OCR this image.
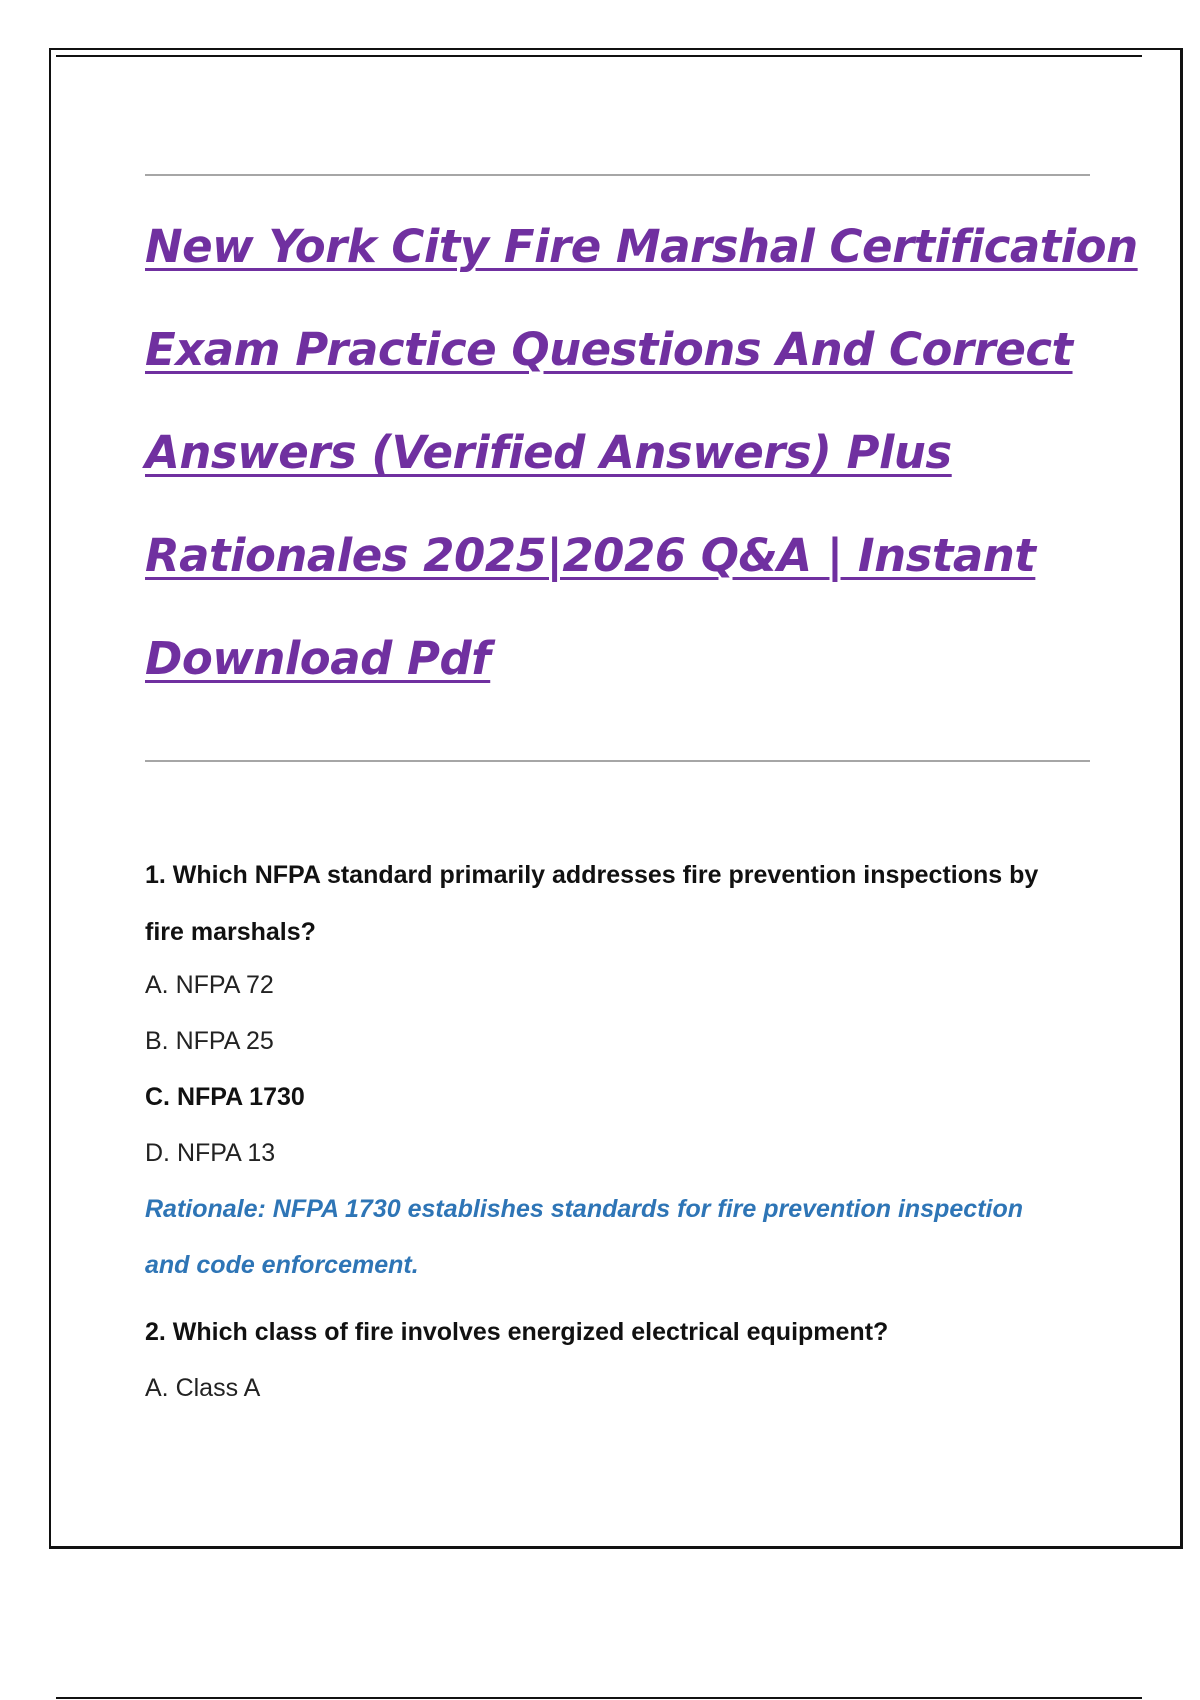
New York City Fire Marshal Certification
Exam Practice Questions And Correct
Answers (Verified Answers) Plus
Rationales 2025|2026 Q&A | Instant
Download Pdf
1. Which NFPA standard primarily addresses fire prevention inspections by
fire marshals?
A. NFPA 72
B. NFPA 25
C. NFPA 1730
D. NFPA 13
Rationale: NFPA 1730 establishes standards for fire prevention inspection
and code enforcement.
2. Which class of fire involves energized electrical equipment?
A. Class A
